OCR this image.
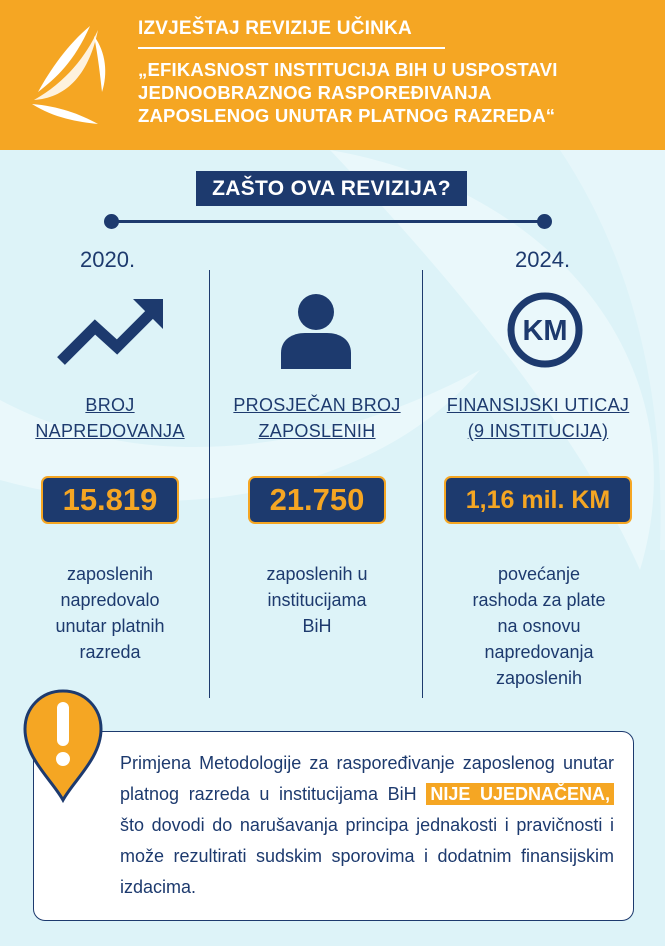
IZVJEŠTAJ REVIZIJE UČINKA
„EFIKASNOST INSTITUCIJA BIH U USPOSTAVI
JEDNOOBRAZNOG RASPOREĐIVANJA
ZAPOSLENOG UNUTAR PLATNOG RAZREDA“
ZAŠTO OVA REVIZIJA?
2020.	2024.
BROJ
NAPREDOVANJA
15.819
zaposlenih
napredovalo
unutar platnih
razreda
PROSJEČAN BROJ
ZAPOSLENIH
21.750
zaposlenih u
institucijama
BiH
KM
FINANSIJSKI UTICAJ
(9 INSTITUCIJA)
1,16 mil. KM
povećanje
rashoda za plate
na osnovu
napredovanja
zaposlenih
Primjena Metodologije za raspoređivanje zaposlenog unutar platnog razreda u institucijama BiH NIJE UJEDNAČENA, što dovodi do narušavanja principa jednakosti i pravičnosti i može rezultirati sudskim sporovima i dodatnim finansijskim izdacima.
